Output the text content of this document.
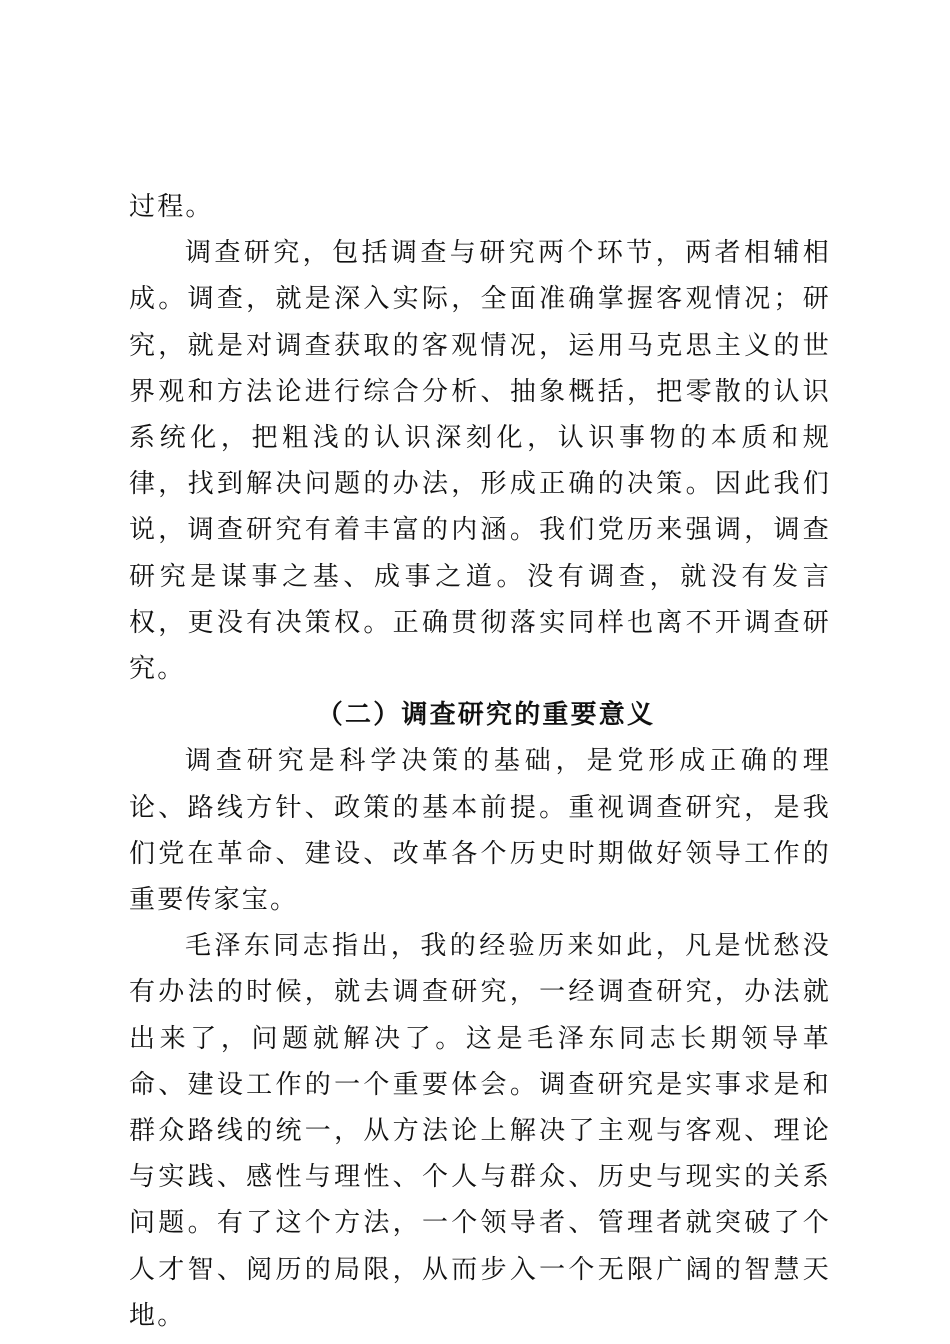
过程。

调查研究，包括调查与研究两个环节，两者相辅相成。调查，就是深入实际，全面准确掌握客观情况；研究，就是对调查获取的客观情况，运用马克思主义的世界观和方法论进行综合分析、抽象概括，把零散的认识系统化，把粗浅的认识深刻化，认识事物的本质和规律，找到解决问题的办法，形成正确的决策。因此我们说，调查研究有着丰富的内涵。我们党历来强调，调查研究是谋事之基、成事之道。没有调查，就没有发言权，更没有决策权。正确贯彻落实同样也离不开调查研究。

（二）调查研究的重要意义

调查研究是科学决策的基础，是党形成正确的理论、路线方针、政策的基本前提。重视调查研究，是我们党在革命、建设、改革各个历史时期做好领导工作的重要传家宝。

毛泽东同志指出，我的经验历来如此，凡是忧愁没有办法的时候，就去调查研究，一经调查研究，办法就出来了，问题就解决了。这是毛泽东同志长期领导革命、建设工作的一个重要体会。调查研究是实事求是和群众路线的统一，从方法论上解决了主观与客观、理论与实践、感性与理性、个人与群众、历史与现实的关系问题。有了这个方法，一个领导者、管理者就突破了个人才智、阅历的局限，从而步入一个无限广阔的智慧天地。
